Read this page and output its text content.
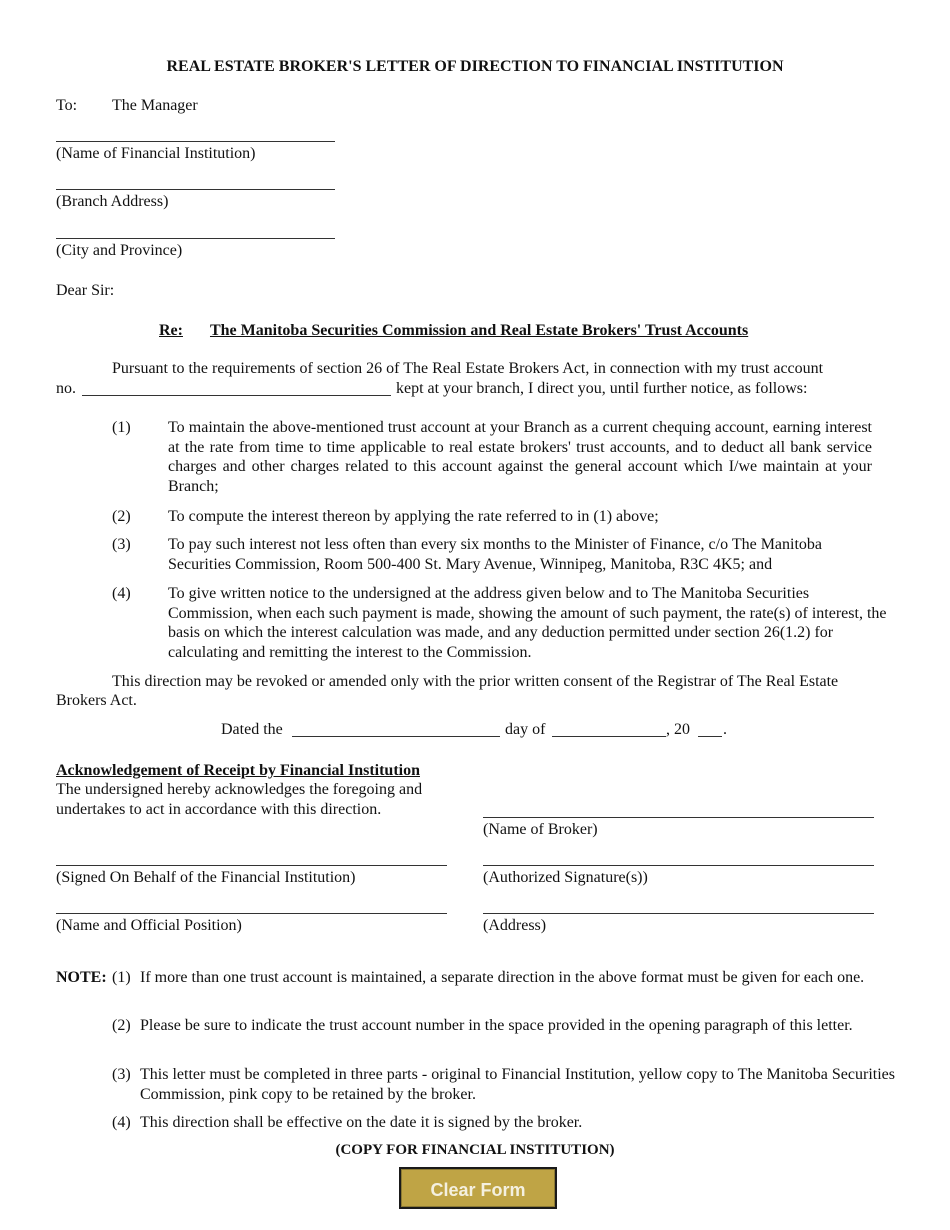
REAL ESTATE BROKER'S LETTER OF DIRECTION TO FINANCIAL INSTITUTION
To: The Manager
(Name of Financial Institution)
(Branch Address)
(City and Province)
Dear Sir:
Re: The Manitoba Securities Commission and Real Estate Brokers' Trust Accounts
Pursuant to the requirements of section 26 of The Real Estate Brokers Act, in connection with my trust account
no.	kept at your branch, I direct you, until further notice, as follows:
(1) To maintain the above-mentioned trust account at your Branch as a current chequing account, earning interest at the rate from time to time applicable to real estate brokers' trust accounts, and to deduct all bank service charges and other charges related to this account against the general account which I/we maintain at your Branch;
(2) To compute the interest thereon by applying the rate referred to in (1) above;
(3) To pay such interest not less often than every six months to the Minister of Finance, c/o The Manitoba Securities Commission, Room 500-400 St. Mary Avenue, Winnipeg, Manitoba, R3C 4K5; and
(4) To give written notice to the undersigned at the address given below and to The Manitoba Securities Commission, when each such payment is made, showing the amount of such payment, the rate(s) of interest, the basis on which the interest calculation was made, and any deduction permitted under section 26(1.2) for calculating and remitting the interest to the Commission.
This direction may be revoked or amended only with the prior written consent of the Registrar of The Real Estate
Brokers Act.
Dated the	day of	, 20 .
Acknowledgement of Receipt by Financial Institution
The undersigned hereby acknowledges the foregoing and
undertakes to act in accordance with this direction.
(Name of Broker)
(Signed On Behalf of the Financial Institution)	(Authorized Signature(s))
(Name and Official Position)	(Address)
NOTE: (1) If more than one trust account is maintained, a separate direction in the above format must be given for each one.
(2) Please be sure to indicate the trust account number in the space provided in the opening paragraph of this letter.
(3) This letter must be completed in three parts - original to Financial Institution, yellow copy to The Manitoba Securities Commission, pink copy to be retained by the broker.
(4) This direction shall be effective on the date it is signed by the broker.
(COPY FOR FINANCIAL INSTITUTION)
Clear Form
